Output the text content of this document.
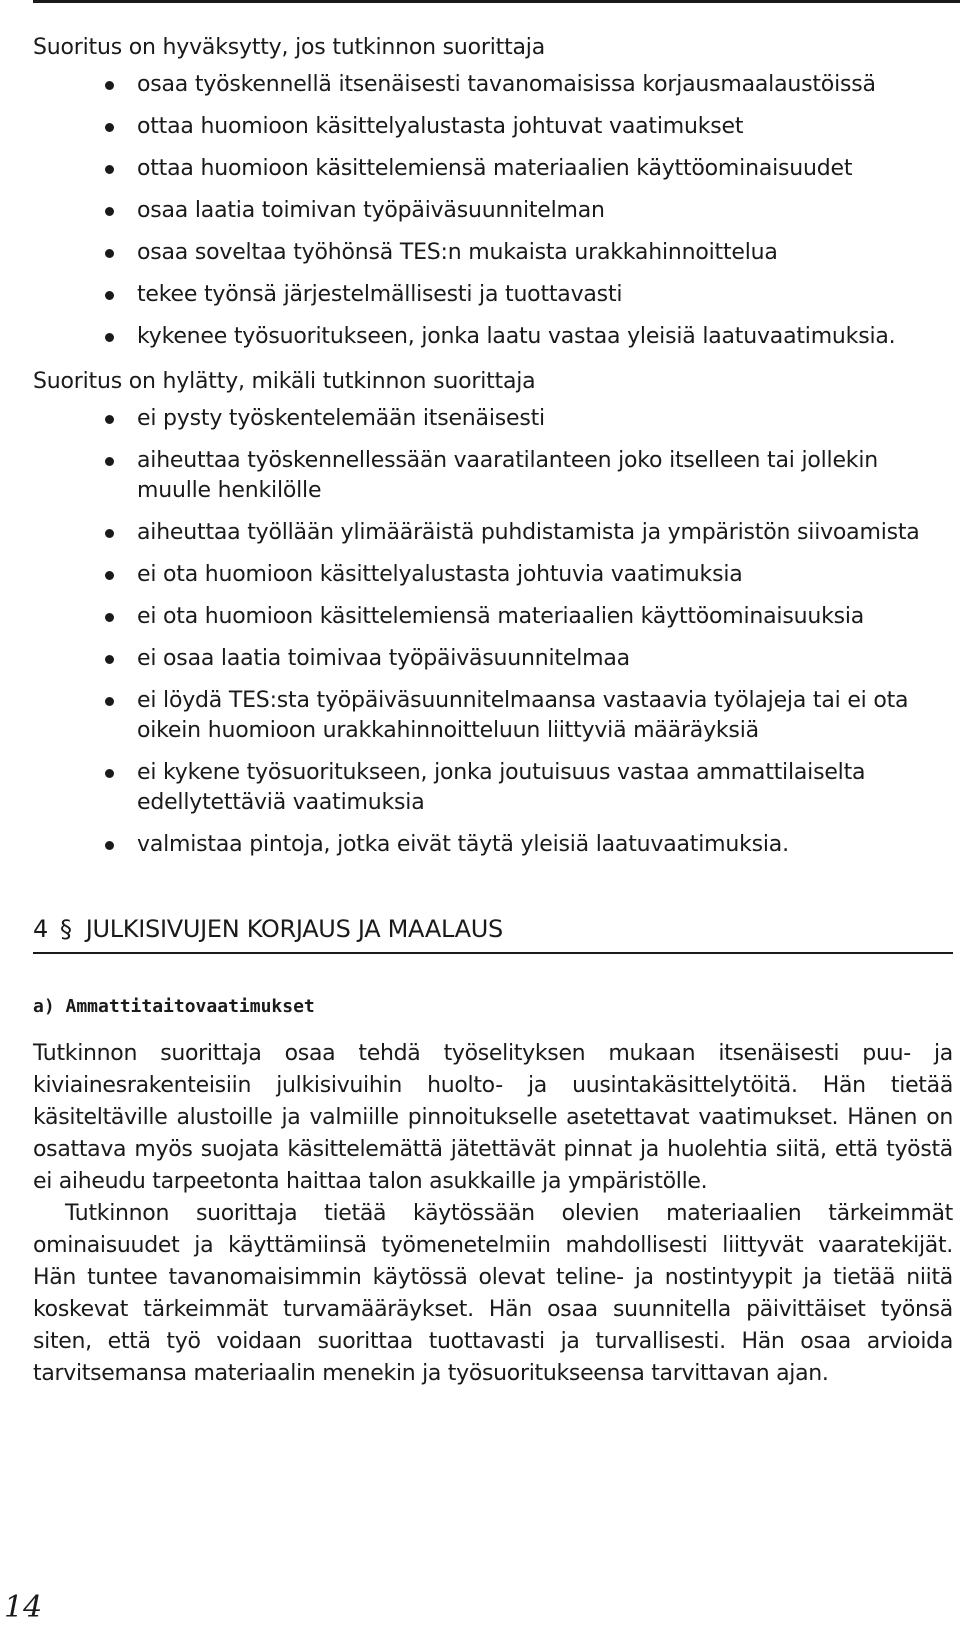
Suoritus on hyväksytty, jos tutkinnon suorittaja

osaa työskennellä itsenäisesti tavanomaisissa korjausmaalaustöissä
ottaa huomioon käsittelyalustasta johtuvat vaatimukset
ottaa huomioon käsittelemiensä materiaalien käyttöominaisuudet
osaa laatia toimivan työpäiväsuunnitelman
osaa soveltaa työhönsä TES:n mukaista urakkahinnoittelua
tekee työnsä järjestelmällisesti ja tuottavasti
kykenee työsuoritukseen, jonka laatu vastaa yleisiä laatuvaatimuksia.

Suoritus on hylätty, mikäli tutkinnon suorittaja

ei pysty työskentelemään itsenäisesti
aiheuttaa työskennellessään vaaratilanteen joko itselleen tai jollekin muulle henkilölle
aiheuttaa työllään ylimääräistä puhdistamista ja ympäristön siivoamista
ei ota huomioon käsittelyalustasta johtuvia vaatimuksia
ei ota huomioon käsittelemiensä materiaalien käyttöominaisuuksia
ei osaa laatia toimivaa työpäiväsuunnitelmaa
ei löydä TES:sta työpäiväsuunnitelmaansa vastaavia työlajeja tai ei ota oikein huomioon urakkahinnoitteluun liittyviä määräyksiä
ei kykene työsuoritukseen, jonka joutuisuus vastaa ammattilaiselta edellytettäviä vaatimuksia
valmistaa pintoja, jotka eivät täytä yleisiä laatuvaatimuksia.
4 § JULKISIVUJEN KORJAUS JA MAALAUS
a) Ammattitaitovaatimukset

Tutkinnon suorittaja osaa tehdä työselityksen mukaan itsenäisesti puu- ja kiviainesrakenteisiin julkisivuihin huolto- ja uusintakäsittelytöitä. Hän tietää käsiteltäville alustoille ja valmiille pinnoitukselle asetettavat vaatimukset. Hänen on osattava myös suojata käsittelemättä jätettävät pinnat ja huolehtia siitä, että työstä ei aiheudu tarpeetonta haittaa talon asukkaille ja ympäristölle.

Tutkinnon suorittaja tietää käytössään olevien materiaalien tärkeimmät ominaisuudet ja käyttämiinsä työmenetelmiin mahdollisesti liittyvät vaaratekijät. Hän tuntee tavanomaisimmin käytössä olevat teline- ja nostintyypit ja tietää niitä koskevat tärkeimmät turvamääräykset. Hän osaa suunnitella päivittäiset työnsä siten, että työ voidaan suorittaa tuottavasti ja turvallisesti. Hän osaa arvioida tarvitsemansa materiaalin menekin ja työsuoritukseensa tarvittavan ajan.

14
